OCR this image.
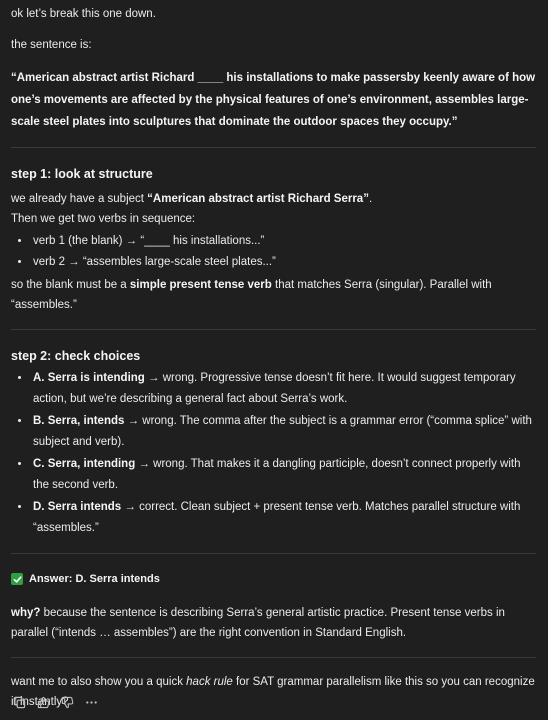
ok let’s break this one down.

the sentence is:

“American abstract artist Richard ____ his installations to make passersby keenly aware of how one’s movements are affected by the physical features of one’s environment, assembles large-scale steel plates into sculptures that dominate the outdoor spaces they occupy.”

step 1: look at structure

we already have a subject “American abstract artist Richard Serra”.

Then we get two verbs in sequence:

• verb 1 (the blank) → “____ his installations...”
• verb 2 → “assembles large-scale steel plates...”

so the blank must be a simple present tense verb that matches Serra (singular). Parallel with “assembles.”

step 2: check choices
• A. Serra is intending → wrong. Progressive tense doesn’t fit here. It would suggest temporary action, but we’re describing a general fact about Serra’s work.
• B. Serra, intends → wrong. The comma after the subject is a grammar error (“comma splice” with subject and verb).
• C. Serra, intending → wrong. That makes it a dangling participle, doesn’t connect properly with the second verb.
• D. Serra intends → correct. Clean subject + present tense verb. Matches parallel structure with “assembles.”
Answer: D. Serra intends

why? because the sentence is describing Serra’s general artistic practice. Present tense verbs in parallel (“intends … assembles”) are the right convention in Standard English.

want me to also show you a quick hack rule for SAT grammar parallelism like this so you can recognize it instantly?
